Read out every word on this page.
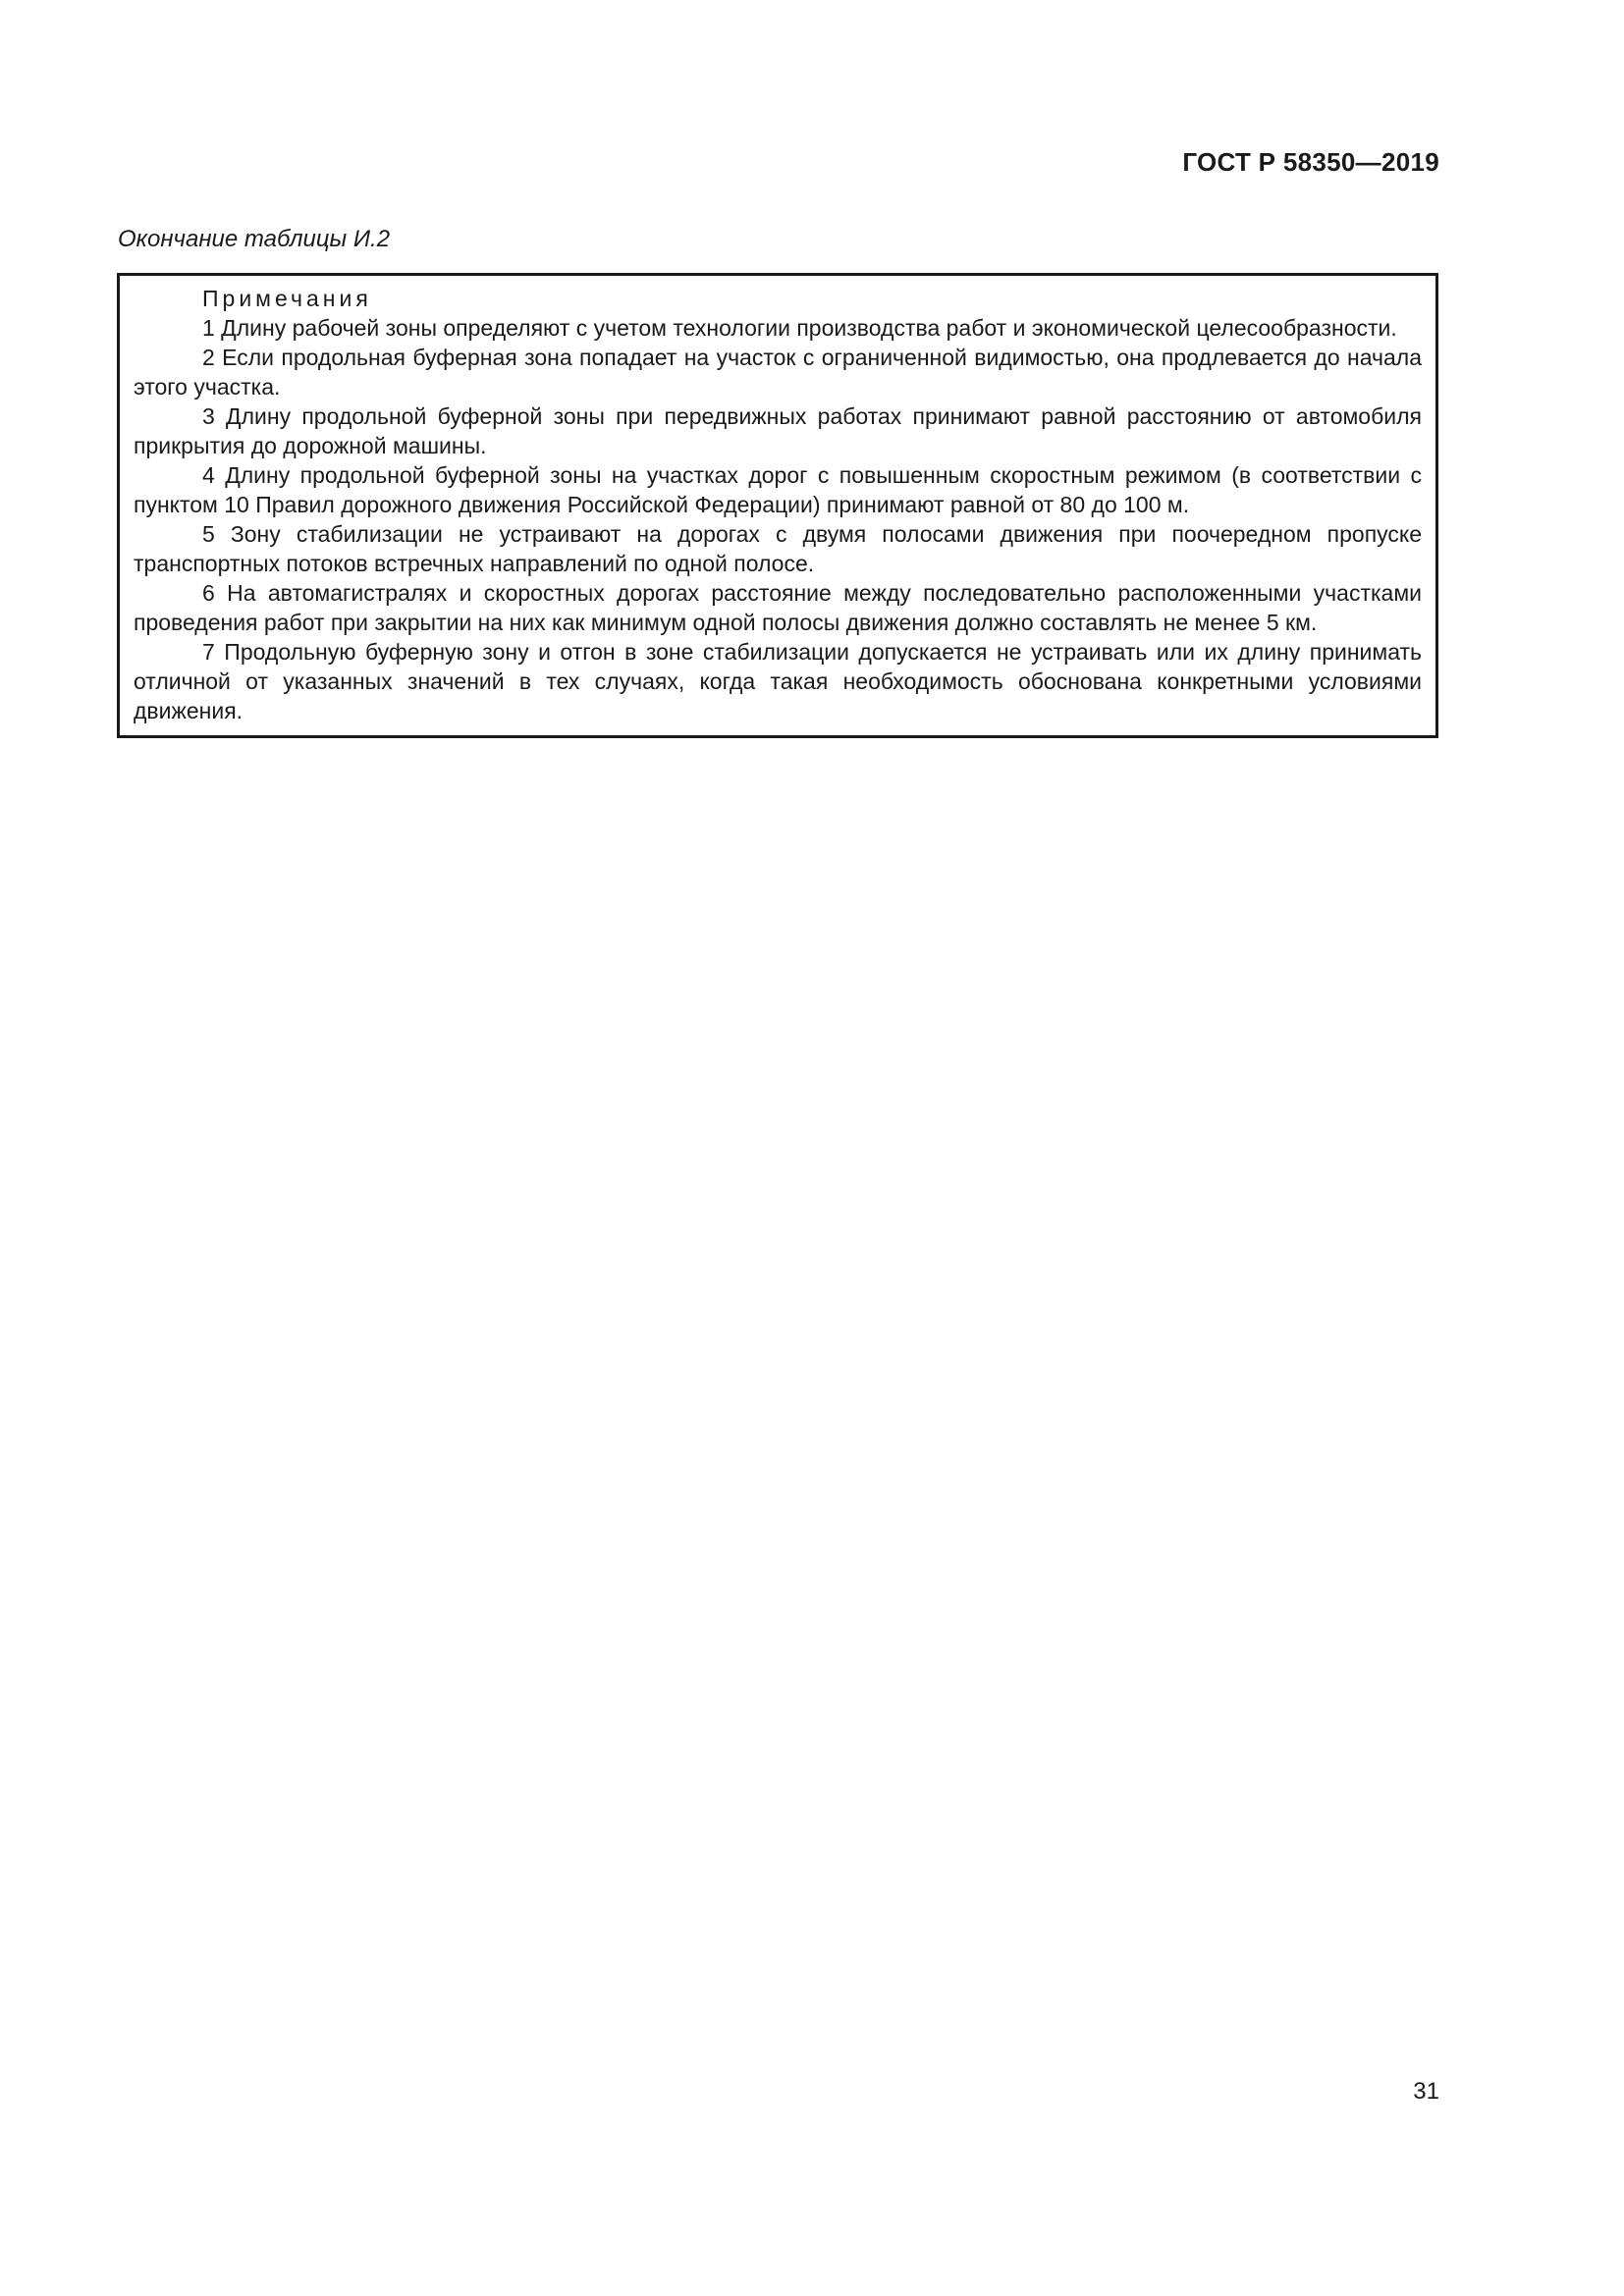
ГОСТ Р 58350—2019
Окончание таблицы И.2
Примечания

1 Длину рабочей зоны определяют с учетом технологии производства работ и экономической целесообразности.

2 Если продольная буферная зона попадает на участок с ограниченной видимостью, она продлевается до начала этого участка.

3 Длину продольной буферной зоны при передвижных работах принимают равной расстоянию от автомобиля прикрытия до дорожной машины.

4 Длину продольной буферной зоны на участках дорог с повышенным скоростным режимом (в соответствии с пунктом 10 Правил дорожного движения Российской Федерации) принимают равной от 80 до 100 м.

5 Зону стабилизации не устраивают на дорогах с двумя полосами движения при поочередном пропуске транспортных потоков встречных направлений по одной полосе.

6 На автомагистралях и скоростных дорогах расстояние между последовательно расположенными участками проведения работ при закрытии на них как минимум одной полосы движения должно составлять не менее 5 км.

7 Продольную буферную зону и отгон в зоне стабилизации допускается не устраивать или их длину принимать отличной от указанных значений в тех случаях, когда такая необходимость обоснована конкретными условиями движения.

31
